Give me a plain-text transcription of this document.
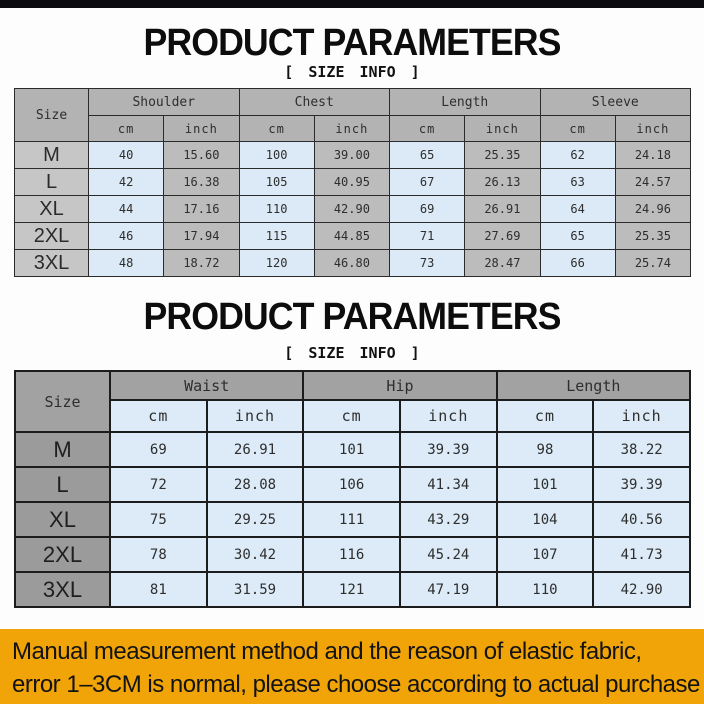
PRODUCT PARAMETERS
[ SIZE INFO ]
Size	Shoulder		Chest		Length		Sleeve	
	cm	inch	cm	inch	cm	inch	cm	inch
M	40	15.60	100	39.00	65	25.35	62	24.18
L	42	16.38	105	40.95	67	26.13	63	24.57
XL	44	17.16	110	42.90	69	26.91	64	24.96
2XL	46	17.94	115	44.85	71	27.69	65	25.35
3XL	48	18.72	120	46.80	73	28.47	66	25.74
PRODUCT PARAMETERS
[ SIZE INFO ]
Size	Waist		Hip		Length	
	cm	inch	cm	inch	cm	inch
M	69	26.91	101	39.39	98	38.22
L	72	28.08	106	41.34	101	39.39
XL	75	29.25	111	43.29	104	40.56
2XL	78	30.42	116	45.24	107	41.73
3XL	81	31.59	121	47.19	110	42.90
Manual measurement method and the reason of elastic fabric,
error 1–3CM is normal, please choose according to actual purchase
